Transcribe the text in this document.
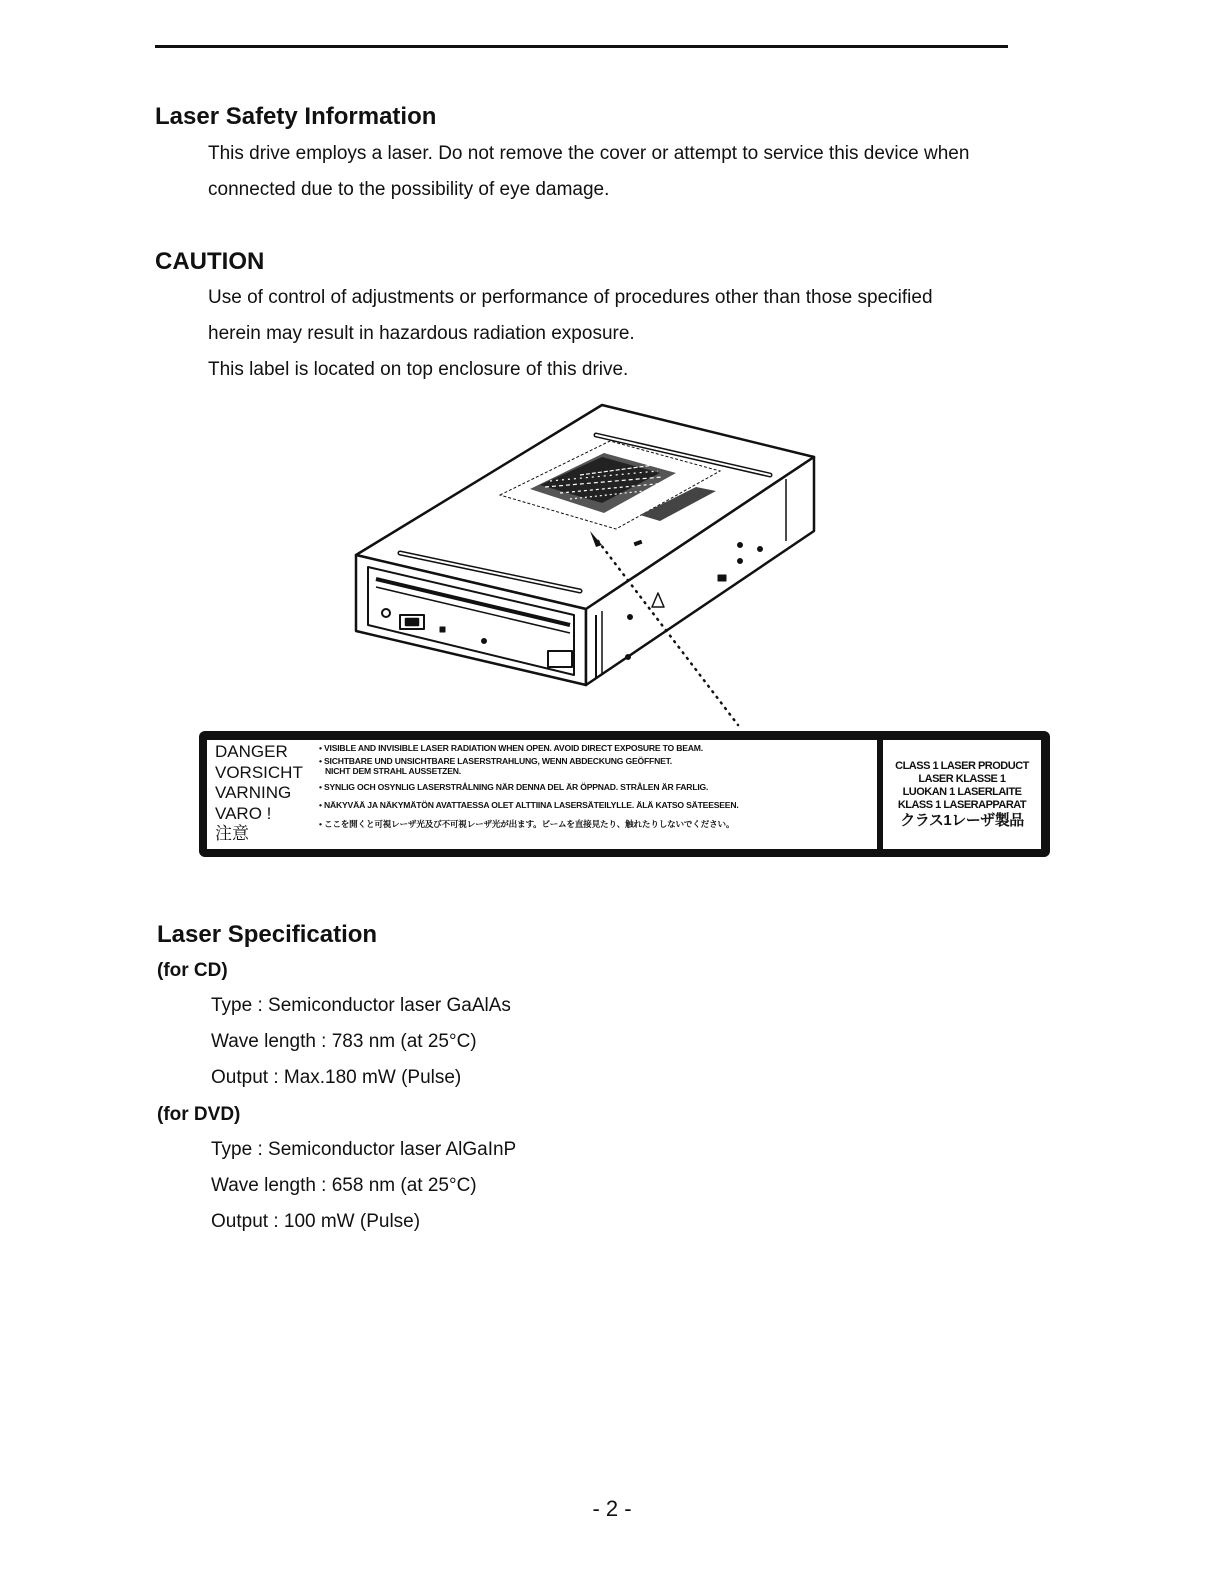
Laser Safety Information

This drive employs a laser. Do not remove the cover or attempt to service this device when

connected due to the possibility of eye damage.

CAUTION

Use of control of adjustments or performance of procedures other than those specified

herein may result in hazardous radiation exposure.

This label is located on top enclosure of this drive.

DANGER
VORSICHT
VARNING
VARO !
注意
• VISIBLE AND INVISIBLE LASER RADIATION WHEN OPEN. AVOID DIRECT EXPOSURE TO BEAM.
• SICHTBARE UND UNSICHTBARE LASERSTRAHLUNG, WENN ABDECKUNG GEÖFFNET.
NICHT DEM STRAHL AUSSETZEN.
• SYNLIG OCH OSYNLIG LASERSTRÅLNING NÄR DENNA DEL ÄR ÖPPNAD. STRÅLEN ÄR FARLIG.
• NÄKYVÄÄ JA NÄKYMÄTÖN AVATTAESSA OLET ALTTIINA LASERSÄTEILYLLE. ÄLÄ KATSO SÄTEESEEN.
• ここを開くと可視レーザ光及び不可視レーザ光が出ます。ビームを直接見たり、触れたりしないでください。
CLASS 1 LASER PRODUCT
LASER KLASSE 1
LUOKAN 1 LASERLAITE
KLASS 1 LASERAPPARAT
クラス1レーザ製品
Laser Specification

(for CD)

Type : Semiconductor laser GaAlAs

Wave length : 783 nm (at 25°C)

Output : Max.180 mW (Pulse)

(for DVD)

Type : Semiconductor laser AlGaInP

Wave length : 658 nm (at 25°C)

Output : 100 mW (Pulse)

- 2 -
